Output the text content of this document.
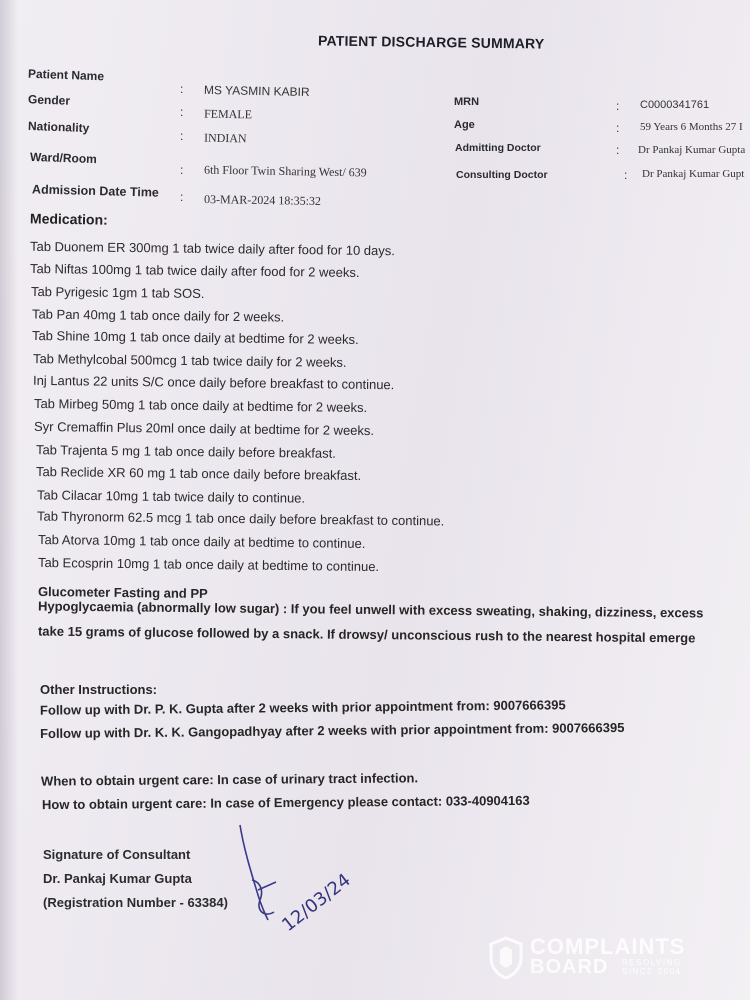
PATIENT DISCHARGE SUMMARY
Patient Name
: MS YASMIN KABIR
Gender
: FEMALE
Nationality
: INDIAN
Ward/Room
: 6th Floor Twin Sharing West/ 639
Admission Date Time : 03-MAR-2024 18:35:32
MRN	: C0000341761
Age	: 59 Years 6 Months 27 I
Admitting Doctor	: Dr Pankaj Kumar Gupta
Consulting Doctor	: Dr Pankaj Kumar Gupt
Medication:
Tab Duonem ER 300mg 1 tab twice daily after food for 10 days.
Tab Niftas 100mg 1 tab twice daily after food for 2 weeks.
Tab Pyrigesic 1gm 1 tab SOS.
Tab Pan 40mg 1 tab once daily for 2 weeks.
Tab Shine 10mg 1 tab once daily at bedtime for 2 weeks.
Tab Methylcobal 500mcg 1 tab twice daily for 2 weeks.
Inj Lantus 22 units S/C once daily before breakfast to continue.
Tab Mirbeg 50mg 1 tab once daily at bedtime for 2 weeks.
Syr Cremaffin Plus 20ml once daily at bedtime for 2 weeks.
Tab Trajenta 5 mg 1 tab once daily before breakfast.
Tab Reclide XR 60 mg 1 tab once daily before breakfast.
Tab Cilacar 10mg 1 tab twice daily to continue.
Tab Thyronorm 62.5 mcg 1 tab once daily before breakfast to continue.
Tab Atorva 10mg 1 tab once daily at bedtime to continue.
Tab Ecosprin 10mg 1 tab once daily at bedtime to continue.
Glucometer Fasting and PP
Hypoglycaemia (abnormally low sugar) : If you feel unwell with excess sweating, shaking, dizziness, excess
take 15 grams of glucose followed by a snack. If drowsy/ unconscious rush to the nearest hospital emerge
Other Instructions:
Follow up with Dr. P. K. Gupta after 2 weeks with prior appointment from: 9007666395
Follow up with Dr. K. K. Gangopadhyay after 2 weeks with prior appointment from: 9007666395
When to obtain urgent care: In case of urinary tract infection.
How to obtain urgent care: In case of Emergency please contact: 033-40904163
Signature of Consultant
Dr. Pankaj Kumar Gupta
(Registration Number - 63384)	12/03/24
COMPLAINTS
BOARD RESOLVING
SINCE 2004
